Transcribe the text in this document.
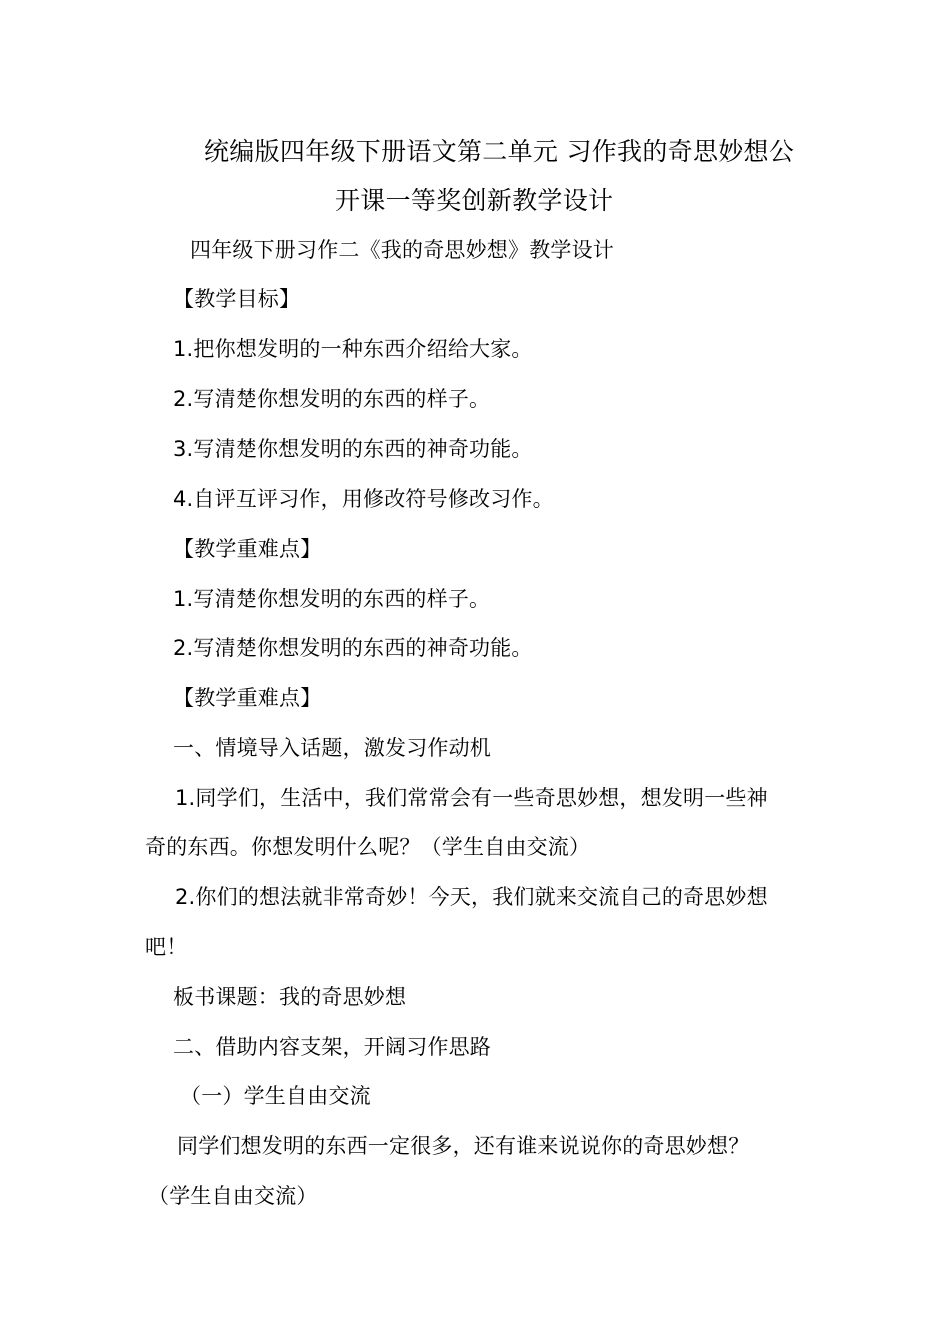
统编版四年级下册语文第二单元 习作我的奇思妙想公
开课一等奖创新教学设计
四年级下册习作二《我的奇思妙想》教学设计
【教学目标】
1.把你想发明的一种东西介绍给大家。
2.写清楚你想发明的东西的样子。
3.写清楚你想发明的东西的神奇功能。
4.自评互评习作，用修改符号修改习作。
【教学重难点】
1.写清楚你想发明的东西的样子。
2.写清楚你想发明的东西的神奇功能。
【教学重难点】
一、情境导入话题，激发习作动机
1.同学们，生活中，我们常常会有一些奇思妙想，想发明一些神
奇的东西。你想发明什么呢？（学生自由交流）
2.你们的想法就非常奇妙！今天，我们就来交流自己的奇思妙想
吧！
板书课题：我的奇思妙想
二、借助内容支架，开阔习作思路
（一）学生自由交流
同学们想发明的东西一定很多，还有谁来说说你的奇思妙想？
（学生自由交流）
